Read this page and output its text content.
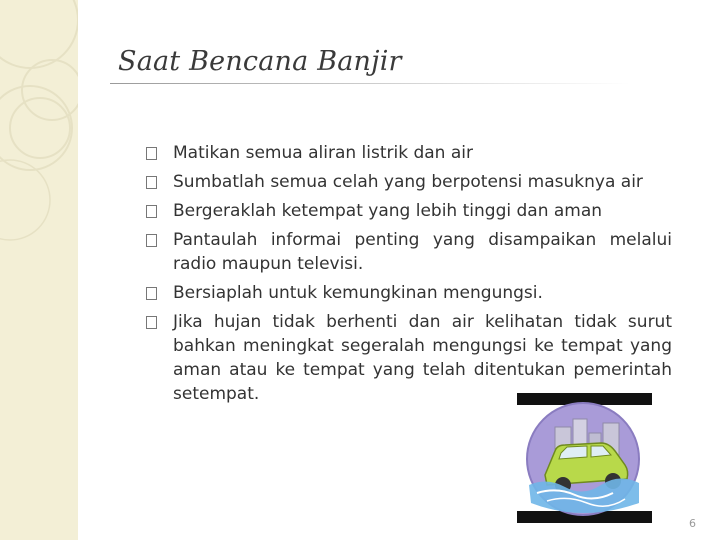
Saat Bencana Banjir
Matikan semua aliran listrik dan air
Sumbatlah semua celah yang berpotensi masuknya air
Bergeraklah ketempat yang lebih tinggi dan aman
Pantaulah informai penting yang disampaikan melalui radio maupun televisi.
Bersiaplah untuk kemungkinan mengungsi.
Jika hujan tidak berhenti dan air kelihatan tidak surut bahkan meningkat segeralah mengungsi ke tempat yang aman atau ke tempat yang telah ditentukan pemerintah setempat.
6
